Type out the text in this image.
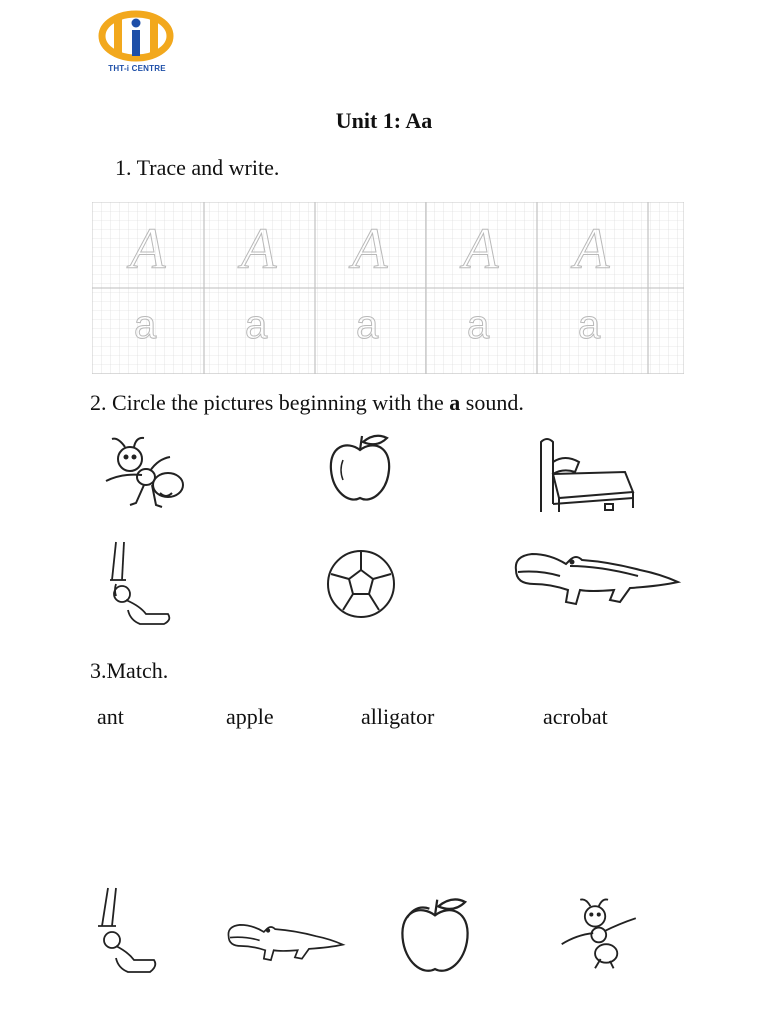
THT-i CENTRE
Unit 1: Aa
1. Trace and write.
A A A A A
a a a a a
2. Circle the pictures beginning with the a sound.
3.Match.
ant	apple	alligator	acrobat
